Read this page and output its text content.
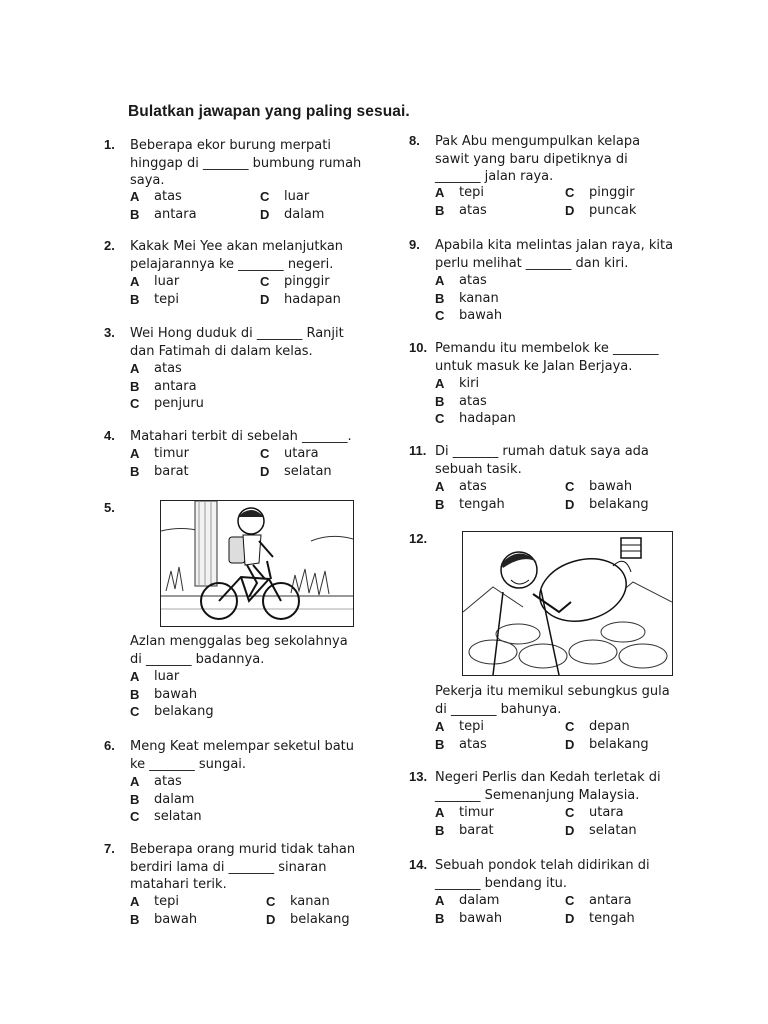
Bulatkan jawapan yang paling sesuai.
1. Beberapa ekor burung merpati
hinggap di _______ bumbung rumah
saya.
A	atas	C	luar
B	antara	D	dalam
2. Kakak Mei Yee akan melanjutkan
pelajarannya ke _______ negeri.
A	luar	C	pinggir
B	tepi	D	hadapan
3. Wei Hong duduk di _______ Ranjit
dan Fatimah di dalam kelas.
A	atas
B	antara
C	penjuru
4. Matahari terbit di sebelah _______.
A	timur	C	utara
B	barat	D	selatan
5.
Azlan menggalas beg sekolahnya
di _______ badannya.
A	luar
B	bawah
C	belakang
6. Meng Keat melempar seketul batu
ke _______ sungai.
A	atas
B	dalam
C	selatan
7. Beberapa orang murid tidak tahan
berdiri lama di _______ sinaran
matahari terik.
A	tepi	C	kanan
B	bawah	D	belakang
8. Pak Abu mengumpulkan kelapa
sawit yang baru dipetiknya di
_______ jalan raya.
A	tepi	C	pinggir
B	atas	D	puncak
9. Apabila kita melintas jalan raya, kita
perlu melihat _______ dan kiri.
A	atas
B	kanan
C	bawah
10. Pemandu itu membelok ke _______
untuk masuk ke Jalan Berjaya.
A	kiri
B	atas
C	hadapan
11. Di _______ rumah datuk saya ada
sebuah tasik.
A	atas	C	bawah
B	tengah	D	belakang
12.
Pekerja itu memikul sebungkus gula
di _______ bahunya.
A	tepi	C	depan
B	atas	D	belakang
13. Negeri Perlis dan Kedah terletak di
_______ Semenanjung Malaysia.
A	timur	C	utara
B	barat	D	selatan
14. Sebuah pondok telah didirikan di
_______ bendang itu.
A	dalam	C	antara
B	bawah	D	tengah
